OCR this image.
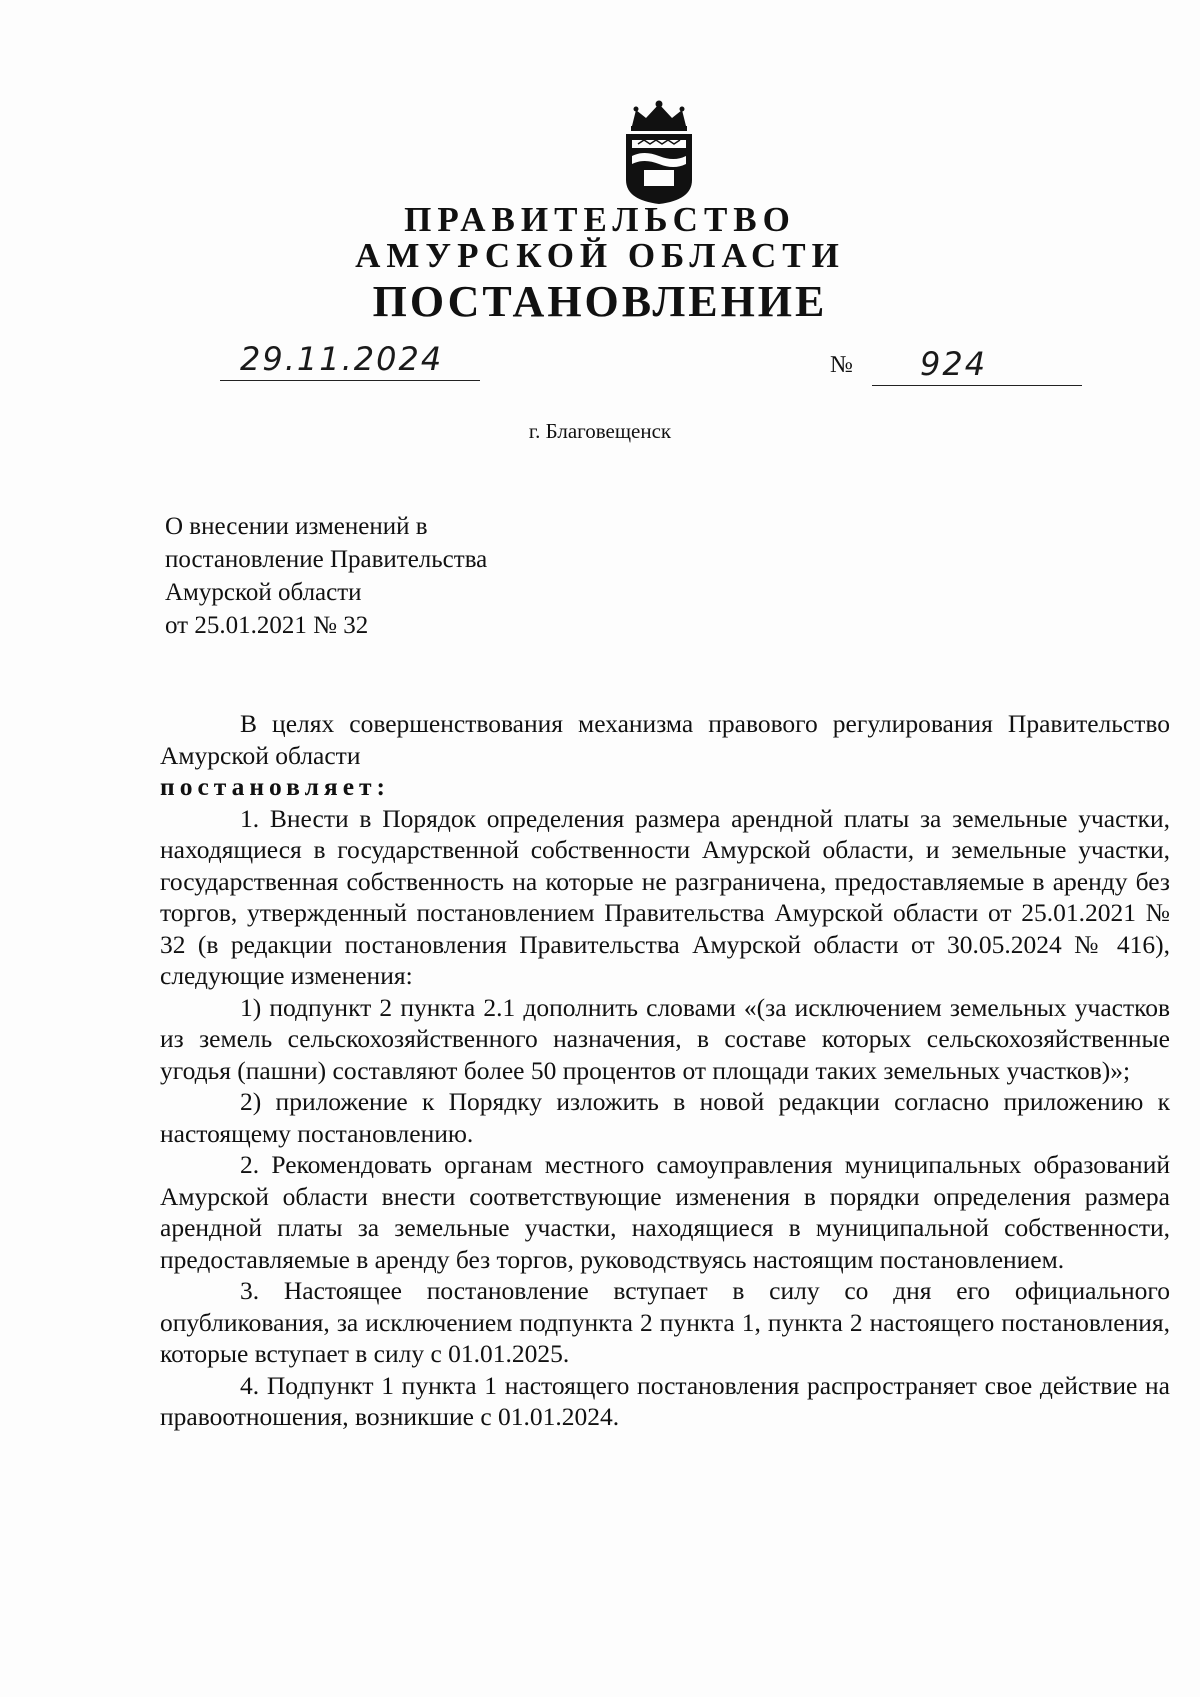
ПРАВИТЕЛЬСТВО
АМУРСКОЙ ОБЛАСТИ
ПОСТАНОВЛЕНИЕ
29.11.2024	№ 924
г. Благовещенск
О внесении изменений в
постановление Правительства
Амурской области
от 25.01.2021 № 32

В целях совершенствования механизма правового регулирования Правительство Амурской области

постановляет:

1. Внести в Порядок определения размера арендной платы за земельные участки, находящиеся в государственной собственности Амурской области, и земельные участки, государственная собственность на которые не разграничена, предоставляемые в аренду без торгов, утвержденный постановлением Правительства Амурской области от 25.01.2021 № 32 (в редакции постановления Правительства Амурской области от 30.05.2024 № 416), следующие изменения:

1) подпункт 2 пункта 2.1 дополнить словами «(за исключением земельных участков из земель сельскохозяйственного назначения, в составе которых сельскохозяйственные угодья (пашни) составляют более 50 процентов от площади таких земельных участков)»;

2) приложение к Порядку изложить в новой редакции согласно приложению к настоящему постановлению.

2. Рекомендовать органам местного самоуправления муниципальных образований Амурской области внести соответствующие изменения в порядки определения размера арендной платы за земельные участки, находящиеся в муниципальной собственности, предоставляемые в аренду без торгов, руководствуясь настоящим постановлением.

3. Настоящее постановление вступает в силу со дня его официального опубликования, за исключением подпункта 2 пункта 1, пункта 2 настоящего постановления, которые вступает в силу с 01.01.2025.

4. Подпункт 1 пункта 1 настоящего постановления распространяет свое действие на правоотношения, возникшие с 01.01.2024.
